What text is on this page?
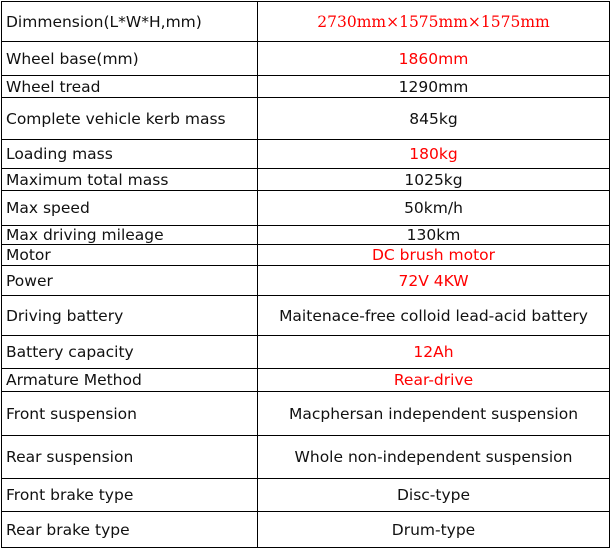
Dimmension(L*W*H,mm)	2730mm×1575mm×1575mm
Wheel base(mm)	1860mm
Wheel tread	1290mm
Complete vehicle kerb mass	845kg
Loading mass	180kg
Maximum total mass	1025kg
Max speed	50km/h
Max driving mileage	130km
Motor	DC brush motor
Power	72V 4KW
Driving battery	Maitenace-free colloid lead-acid battery
Battery capacity	12Ah
Armature Method	Rear-drive
Front suspension	Macphersan independent suspension
Rear suspension	Whole non-independent suspension
Front brake type	Disc-type
Rear brake type	Drum-type
